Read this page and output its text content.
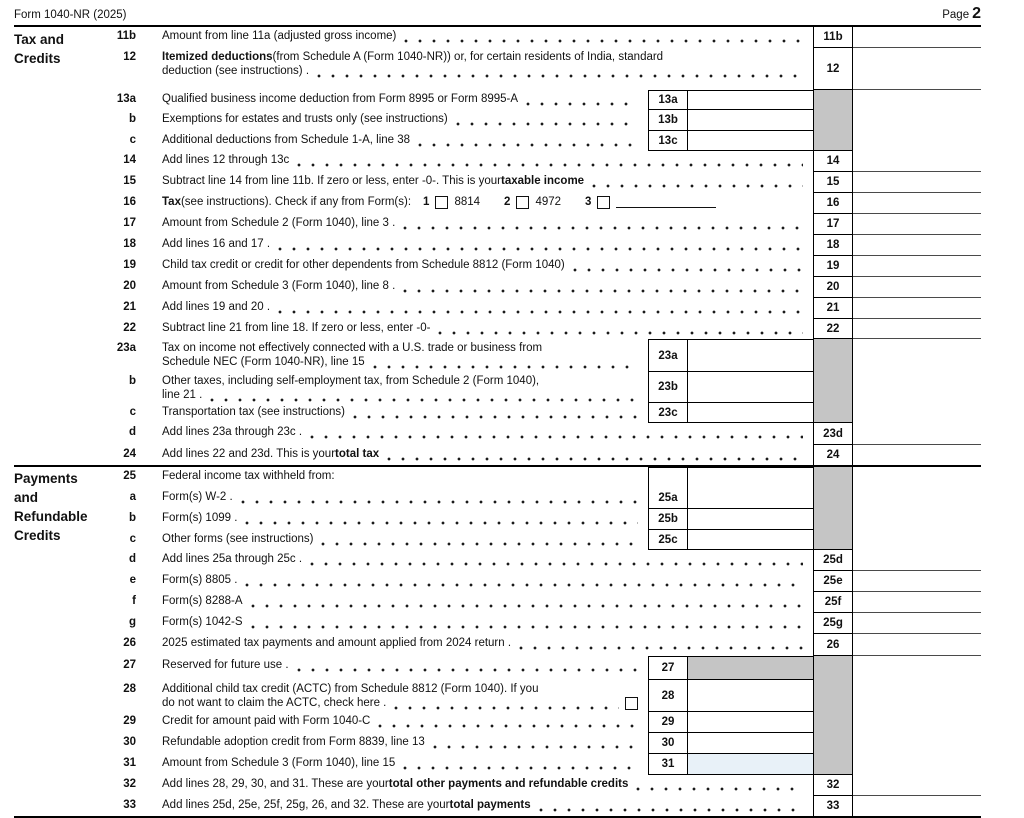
Form 1040-NR (2025)	Page 2
11b Amount from line 11a (adjusted gross income)	11b
12 Itemized deductions (from Schedule A (Form 1040-NR)) or, for certain residents of India, standard
deduction (see instructions) .	12
13a Qualified business income deduction from Form 8995 or Form 8995-A	13a
b Exemptions for estates and trusts only (see instructions)	13b
c Additional deductions from Schedule 1-A, line 38	13c
14 Add lines 12 through 13c	14
15 Subtract line 14 from line 11b. If zero or less, enter -0-. This is your taxable income	15
16 Tax (see instructions). Check if any from Form(s): 1 8814 2 4972 3	16
17 Amount from Schedule 2 (Form 1040), line 3 .	17
18 Add lines 16 and 17 .	18
19 Child tax credit or credit for other dependents from Schedule 8812 (Form 1040)	19
20 Amount from Schedule 3 (Form 1040), line 8 .	20
21 Add lines 19 and 20 .	21
22 Subtract line 21 from line 18. If zero or less, enter -0-	22
23a Tax on income not effectively connected with a U.S. trade or business from
Schedule NEC (Form 1040-NR), line 15
23a
b Other taxes, including self-employment tax, from Schedule 2 (Form 1040),
line 21 .
23b
c Transportation tax (see instructions)	23c
d Add lines 23a through 23c .	23d
24 Add lines 22 and 23d. This is your total tax	24
25 Federal income tax withheld from:
a Form(s) W-2 .	25a
b Form(s) 1099 .	25b
c Other forms (see instructions)	25c
d Add lines 25a through 25c .	25d
e Form(s) 8805 .	25e
f Form(s) 8288-A	25f
g Form(s) 1042-S	25g
26 2025 estimated tax payments and amount applied from 2024 return .	26
27 Reserved for future use .	27
28 Additional child tax credit (ACTC) from Schedule 8812 (Form 1040). If you
do not want to claim the ACTC, check here .
28
29 Credit for amount paid with Form 1040-C	29
30 Refundable adoption credit from Form 8839, line 13	30
31 Amount from Schedule 3 (Form 1040), line 15	31
32 Add lines 28, 29, 30, and 31. These are your total other payments and refundable credits	32
33 Add lines 25d, 25e, 25f, 25g, 26, and 32. These are your total payments	33
Tax and
Credits
Payments
and
Refundable
Credits
